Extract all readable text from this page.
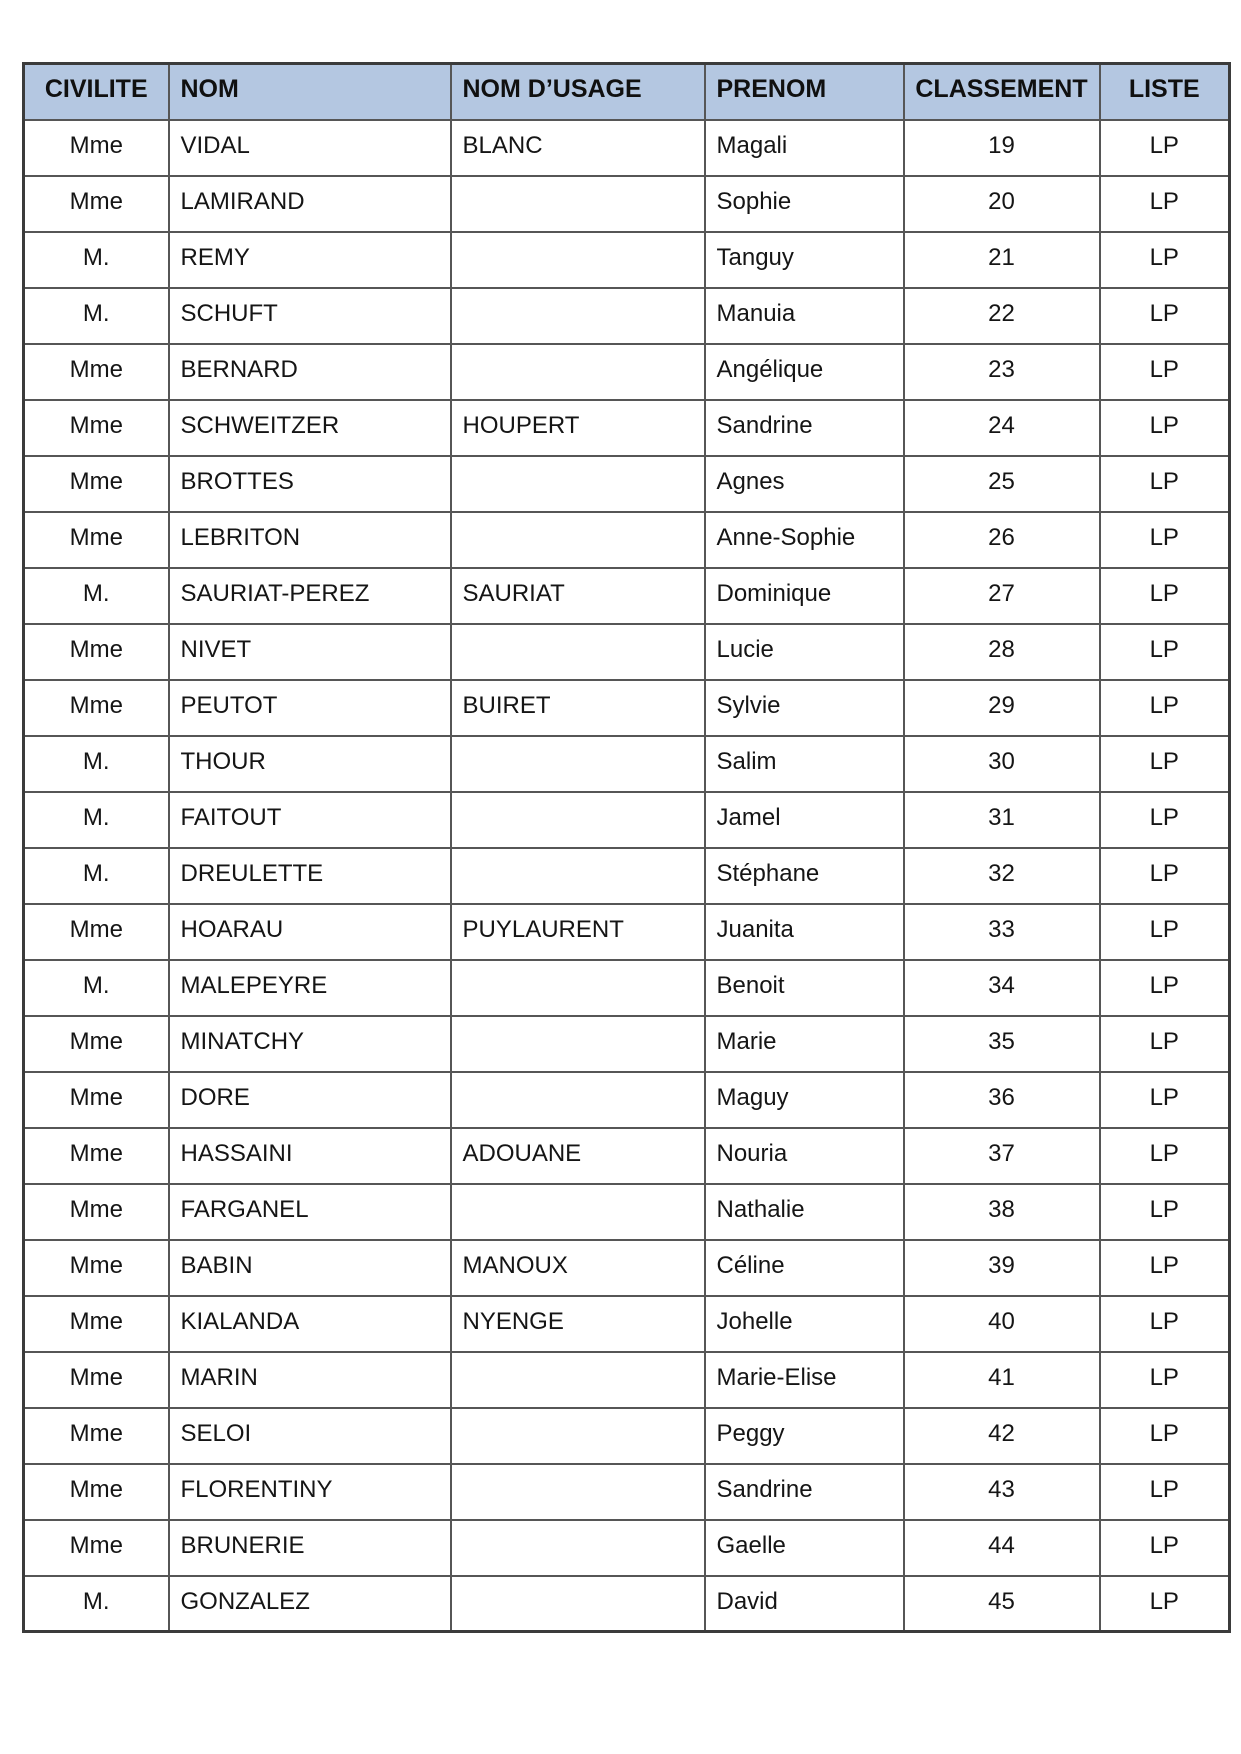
CIVILITE	NOM	NOM D’USAGE	PRENOM	CLASSEMENT	LISTE
Mme	VIDAL	BLANC	Magali	19	LP
Mme	LAMIRAND		Sophie	20	LP
M.	REMY		Tanguy	21	LP
M.	SCHUFT		Manuia	22	LP
Mme	BERNARD		Angélique	23	LP
Mme	SCHWEITZER	HOUPERT	Sandrine	24	LP
Mme	BROTTES		Agnes	25	LP
Mme	LEBRITON		Anne-Sophie	26	LP
M.	SAURIAT-PEREZ	SAURIAT	Dominique	27	LP
Mme	NIVET		Lucie	28	LP
Mme	PEUTOT	BUIRET	Sylvie	29	LP
M.	THOUR		Salim	30	LP
M.	FAITOUT		Jamel	31	LP
M.	DREULETTE		Stéphane	32	LP
Mme	HOARAU	PUYLAURENT	Juanita	33	LP
M.	MALEPEYRE		Benoit	34	LP
Mme	MINATCHY		Marie	35	LP
Mme	DORE		Maguy	36	LP
Mme	HASSAINI	ADOUANE	Nouria	37	LP
Mme	FARGANEL		Nathalie	38	LP
Mme	BABIN	MANOUX	Céline	39	LP
Mme	KIALANDA	NYENGE	Johelle	40	LP
Mme	MARIN		Marie-Elise	41	LP
Mme	SELOI		Peggy	42	LP
Mme	FLORENTINY		Sandrine	43	LP
Mme	BRUNERIE		Gaelle	44	LP
M.	GONZALEZ		David	45	LP
